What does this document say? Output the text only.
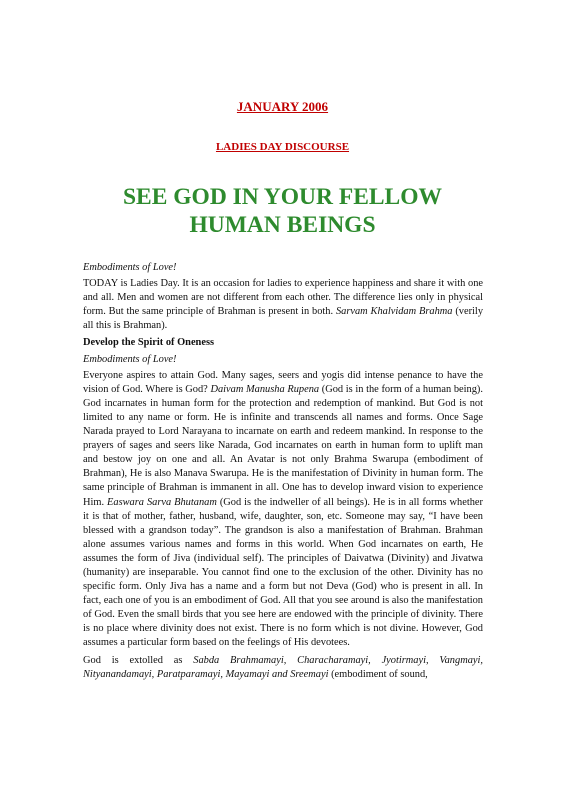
JANUARY 2006
LADIES DAY DISCOURSE
SEE GOD IN YOUR FELLOW
HUMAN BEINGS

Embodiments of Love!

TODAY is Ladies Day. It is an occasion for ladies to experience happiness and share it with one and all. Men and women are not different from each other. The difference lies only in physical form. But the same principle of Brahman is present in both. Sarvam Khalvidam Brahma (verily all this is Brahman).

Develop the Spirit of Oneness

Embodiments of Love!

Everyone aspires to attain God. Many sages, seers and yogis did intense penance to have the vision of God. Where is God? Daivam Manusha Rupena (God is in the form of a human being). God incarnates in human form for the protection and redemption of mankind. But God is not limited to any name or form. He is infinite and transcends all names and forms. Once Sage Narada prayed to Lord Narayana to incarnate on earth and redeem mankind. In response to the prayers of sages and seers like Narada, God incarnates on earth in human form to uplift man and bestow joy on one and all. An Avatar is not only Brahma Swarupa (embodiment of Brahman), He is also Manava Swarupa. He is the manifestation of Divinity in human form. The same principle of Brahman is immanent in all. One has to develop inward vision to experience Him. Easwara Sarva Bhutanam (God is the indweller of all beings). He is in all forms whether it is that of mother, father, husband, wife, daughter, son, etc. Someone may say, “I have been blessed with a grandson today”. The grandson is also a manifestation of Brahman. Brahman alone assumes various names and forms in this world. When God incarnates on earth, He assumes the form of Jiva (individual self). The principles of Daivatwa (Divinity) and Jivatwa (humanity) are inseparable. You cannot find one to the exclusion of the other. Divinity has no specific form. Only Jiva has a name and a form but not Deva (God) who is present in all. In fact, each one of you is an embodiment of God. All that you see around is also the manifestation of God. Even the small birds that you see here are endowed with the principle of divinity. There is no place where divinity does not exist. There is no form which is not divine. However, God assumes a particular form based on the feelings of His devotees.

God is extolled as Sabda Brahmamayi, Characharamayi, Jyotirmayi, Vangmayi, Nityanandamayi, Paratparamayi, Mayamayi and Sreemayi (embodiment of sound,
